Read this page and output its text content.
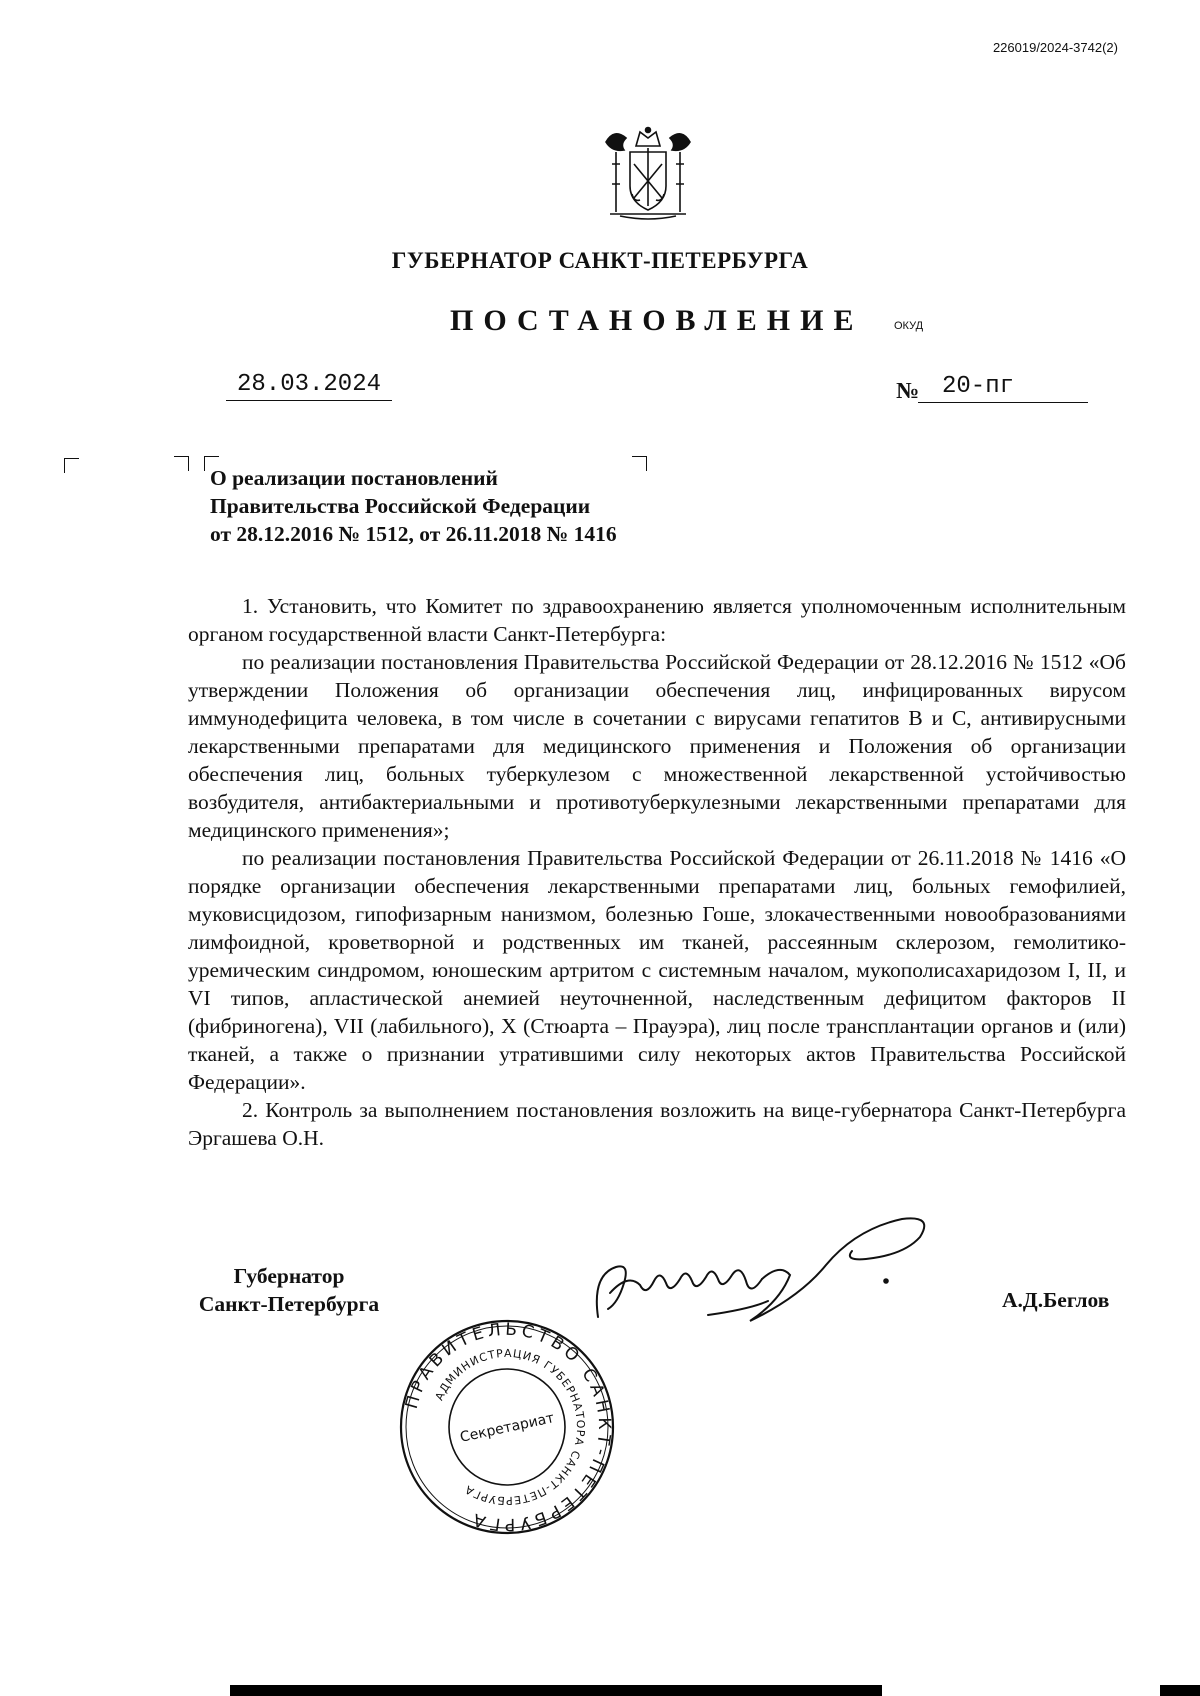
226019/2024-3742(2)
ГУБЕРНАТОР САНКТ-ПЕТЕРБУРГА
ПОСТАНОВЛЕНИЕ	ОКУД
28.03.2024	№ 20-пг
О реализации постановлений
Правительства Российской Федерации
от 28.12.2016 № 1512, от 26.11.2018 № 1416

1. Установить, что Комитет по здравоохранению является уполномоченным исполнительным органом государственной власти Санкт-Петербурга:

по реализации постановления Правительства Российской Федерации от 28.12.2016 № 1512 «Об утверждении Положения об организации обеспечения лиц, инфицированных вирусом иммунодефицита человека, в том числе в сочетании с вирусами гепатитов B и C, антивирусными лекарственными препаратами для медицинского применения и Положения об организации обеспечения лиц, больных туберкулезом с множественной лекарственной устойчивостью возбудителя, антибактериальными и противотуберкулезными лекарственными препаратами для медицинского применения»;

по реализации постановления Правительства Российской Федерации от 26.11.2018 № 1416 «О порядке организации обеспечения лекарственными препаратами лиц, больных гемофилией, муковисцидозом, гипофизарным нанизмом, болезнью Гоше, злокачественными новообразованиями лимфоидной, кроветворной и родственных им тканей, рассеянным склерозом, гемолитико-уремическим синдромом, юношеским артритом с системным началом, мукополисахаридозом I, II, и VI типов, апластической анемией неуточненной, наследственным дефицитом факторов II (фибриногена), VII (лабильного), X (Стюарта – Прауэра), лиц после трансплантации органов и (или) тканей, а также о признании утратившими силу некоторых актов Правительства Российской Федерации».

2. Контроль за выполнением постановления возложить на вице-губернатора Санкт-Петербурга Эргашева О.Н.

Губернатор
Санкт-Петербурга	А.Д.Беглов
ПРАВИТЕЛЬСТВО САНКТ-ПЕТЕРБУРГА
АДМИНИСТРАЦИЯ ГУБЕРНАТОРА САНКТ-ПЕТЕРБУРГА
Секретариат
